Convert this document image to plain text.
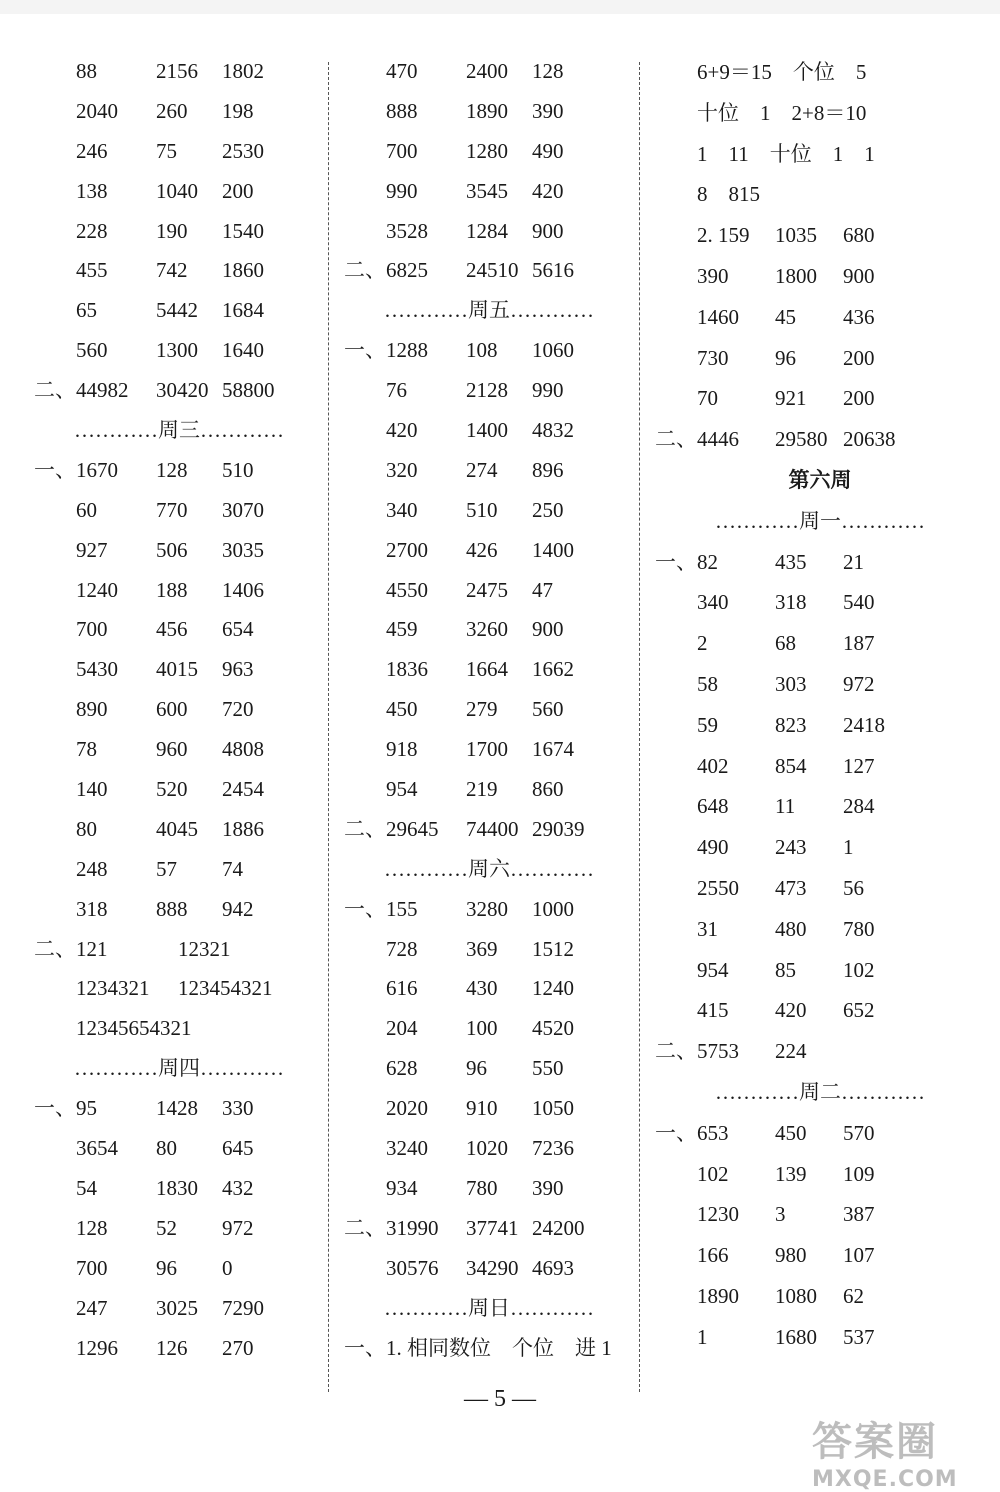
88	2156 1802
2040 260 198
246 75 2530
138 1040 200
228 190 1540
455 742 1860
65	5442 1684
560 1300 1640
二、 44982 30420 58800
…………周三…………
一、 1670 128 510
60	770 3070
927 506 3035
1240 188 1406
700 456 654
5430 4015 963
890 600 720
78	960 4808
140 520 2454
80	4045 1886
248 57 74
318 888 942
二、 121	12321
1234321 123454321
12345654321
…………周四…………
一、 95	1428 330
3654 80 645
54	1830 432
128 52 972
700 96 0
247 3025 7290
1296 126 270
470 2400 128
888 1890 390
700 1280 490
990 3545 420
3528 1284 900
二、 6825 24510 5616
…………周五…………
一、 1288 108 1060
76	2128 990
420 1400 4832
320 274 896
340 510 250
2700 426 1400
4550 2475 47
459 3260 900
1836 1664 1662
450 279 560
918 1700 1674
954 219 860
二、 29645 74400 29039
…………周六…………
一、 155 3280 1000
728 369 1512
616 430 1240
204 100 4520
628 96 550
2020 910 1050
3240 1020 7236
934 780 390
二、 31990 37741 24200
30576 34290 4693
…………周日…………
一、 1. 相同数位　个位　进 1
6+9＝15　个位　5
十位　1　2+8＝10
1　11　十位　1　1
8　815
2. 159 1035 680
390 1800 900
1460 45 436
730 96 200
70	921 200
二、 4446 29580 20638
第六周
…………周一…………
一、 82	435 21
340 318 540
2	68 187
58	303 972
59	823 2418
402 854 127
648 11 284
490 243 1
2550 473 56
31	480 780
954 85 102
415 420 652
二、 5753 224
…………周二…………
一、 653 450 570
102 139 109
1230 3	387
166 980 107
1890 1080 62
1	1680 537
— 5 —
答案圈
MXQE.COM
